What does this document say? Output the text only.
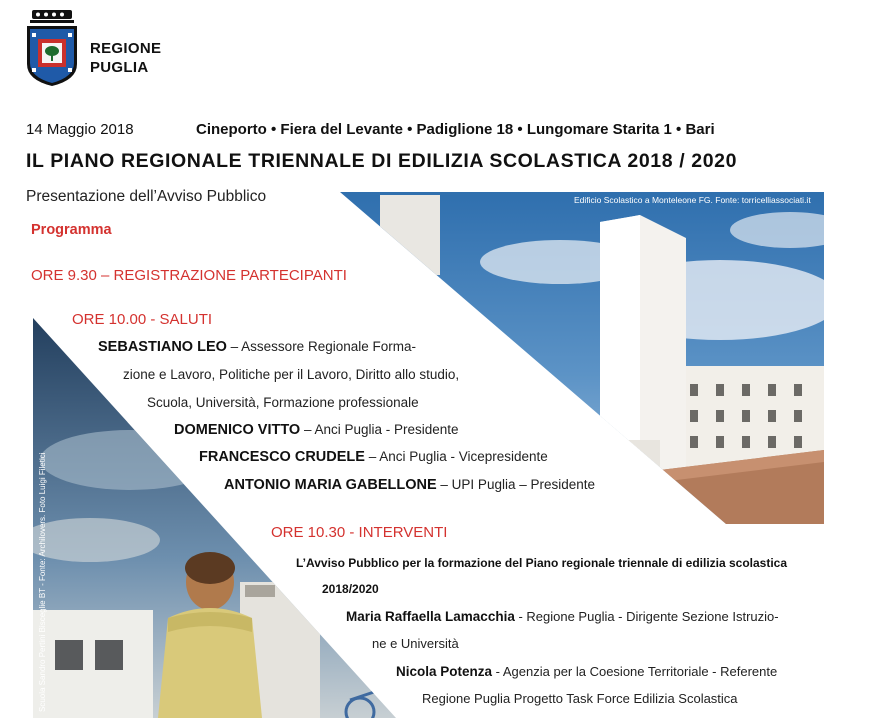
REGIONE
PUGLIA
14 Maggio 2018	Cineporto • Fiera del Levante • Padiglione 18 • Lungomare Starita 1 • Bari
IL PIANO REGIONALE TRIENNALE DI EDILIZIA SCOLASTICA 2018 / 2020
Presentazione dell’Avviso Pubblico
Programma
Edificio Scolastico a Monteleone FG. Fonte: torricelliassociati.it
Scuola Sandro Pertini Bisceglie BT - Fonte: Archilovers. Foto Luigi Filetici
ORE 9.30 – REGISTRAZIONE PARTECIPANTI
ORE 10.00 - SALUTI
SEBASTIANO LEO – Assessore Regionale Forma-
zione e Lavoro, Politiche per il Lavoro, Diritto allo studio,
Scuola, Università, Formazione professionale
DOMENICO VITTO – Anci Puglia - Presidente
FRANCESCO CRUDELE – Anci Puglia - Vicepresidente
ANTONIO MARIA GABELLONE – UPI Puglia – Presidente
ORE 10.30 - INTERVENTI
L’Avviso Pubblico per la formazione del Piano regionale triennale di edilizia scolastica
2018/2020
Maria Raffaella Lamacchia - Regione Puglia - Dirigente Sezione Istruzio-
ne e Università
Nicola Potenza - Agenzia per la Coesione Territoriale - Referente
Regione Puglia Progetto Task Force Edilizia Scolastica
